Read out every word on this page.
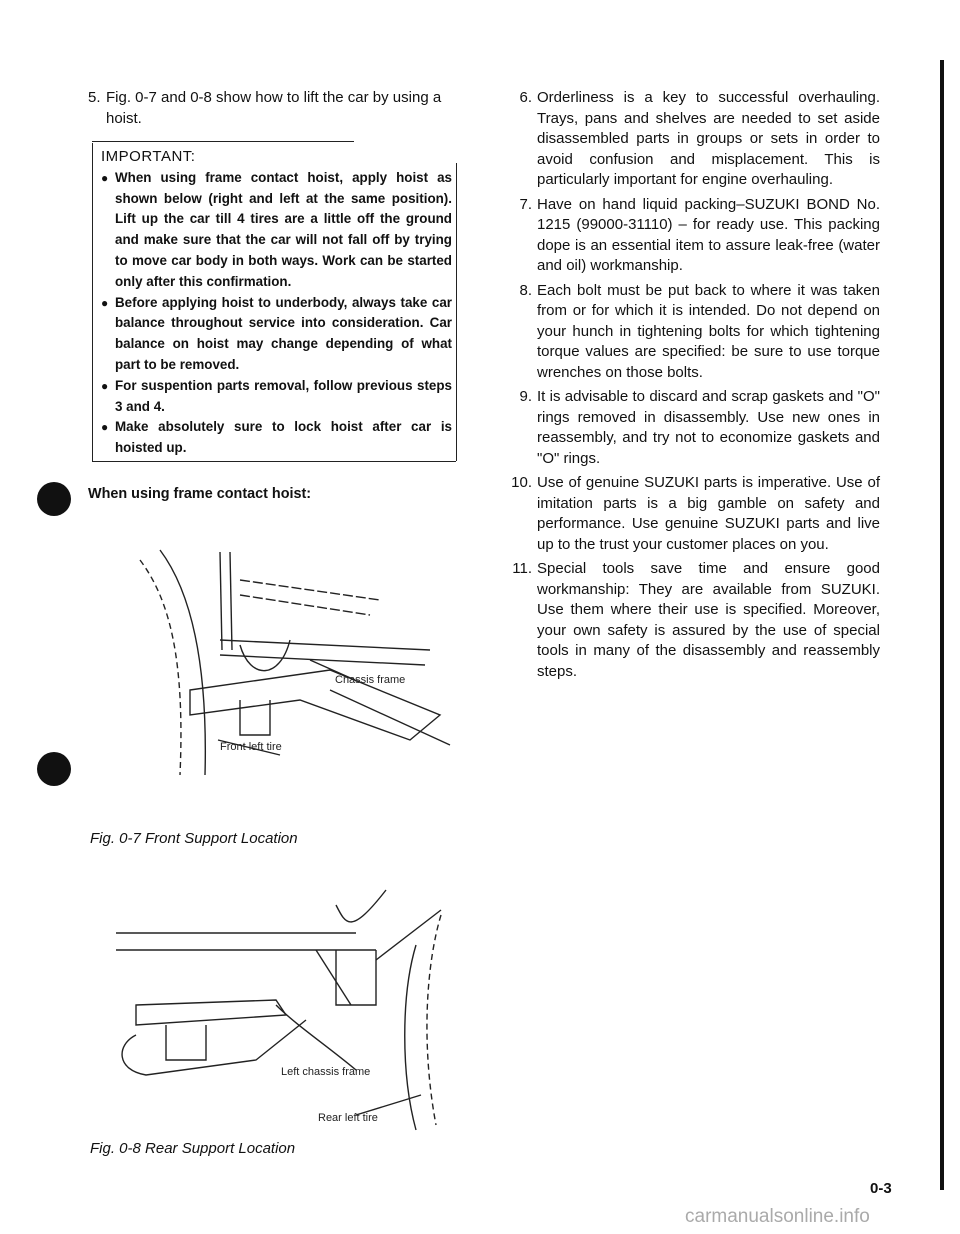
5. Fig. 0-7 and 0-8 show how to lift the car by using a hoist.
IMPORTANT:
● When using frame contact hoist, apply hoist as shown below (right and left at the same position). Lift up the car till 4 tires are a little off the ground and make sure that the car will not fall off by trying to move car body in both ways. Work can be started only after this confirmation.
● Before applying hoist to underbody, always take car balance throughout service into consideration. Car balance on hoist may change depending of what part to be removed.
● For suspention parts removal, follow previous steps 3 and 4.
● Make absolutely sure to lock hoist after car is hoisted up.
When using frame contact hoist:
Chassis frame
Front left tire
Fig. 0-7 Front Support Location
Left chassis frame
Rear left tire
Fig. 0-8 Rear Support Location
6. Orderliness is a key to successful overhauling. Trays, pans and shelves are needed to set aside disassembled parts in groups or sets in order to avoid confusion and misplacement. This is particularly important for engine overhauling.
7. Have on hand liquid packing–SUZUKI BOND No. 1215 (99000-31110) – for ready use. This packing dope is an essential item to assure leak-free (water and oil) workmanship.
8. Each bolt must be put back to where it was taken from or for which it is intended. Do not depend on your hunch in tightening bolts for which tightening torque values are specified: be sure to use torque wrenches on those bolts.
9. It is advisable to discard and scrap gaskets and "O" rings removed in disassembly. Use new ones in reassembly, and try not to economize gaskets and "O" rings.
10. Use of genuine SUZUKI parts is imperative. Use of imitation parts is a big gamble on safety and performance. Use genuine SUZUKI parts and live up to the trust your customer places on you.
11. Special tools save time and ensure good workmanship: They are available from SUZUKI. Use them where their use is specified. Moreover, your own safety is assured by the use of special tools in many of the disassembly and reassembly steps.
0-3
carmanualsonline.info
